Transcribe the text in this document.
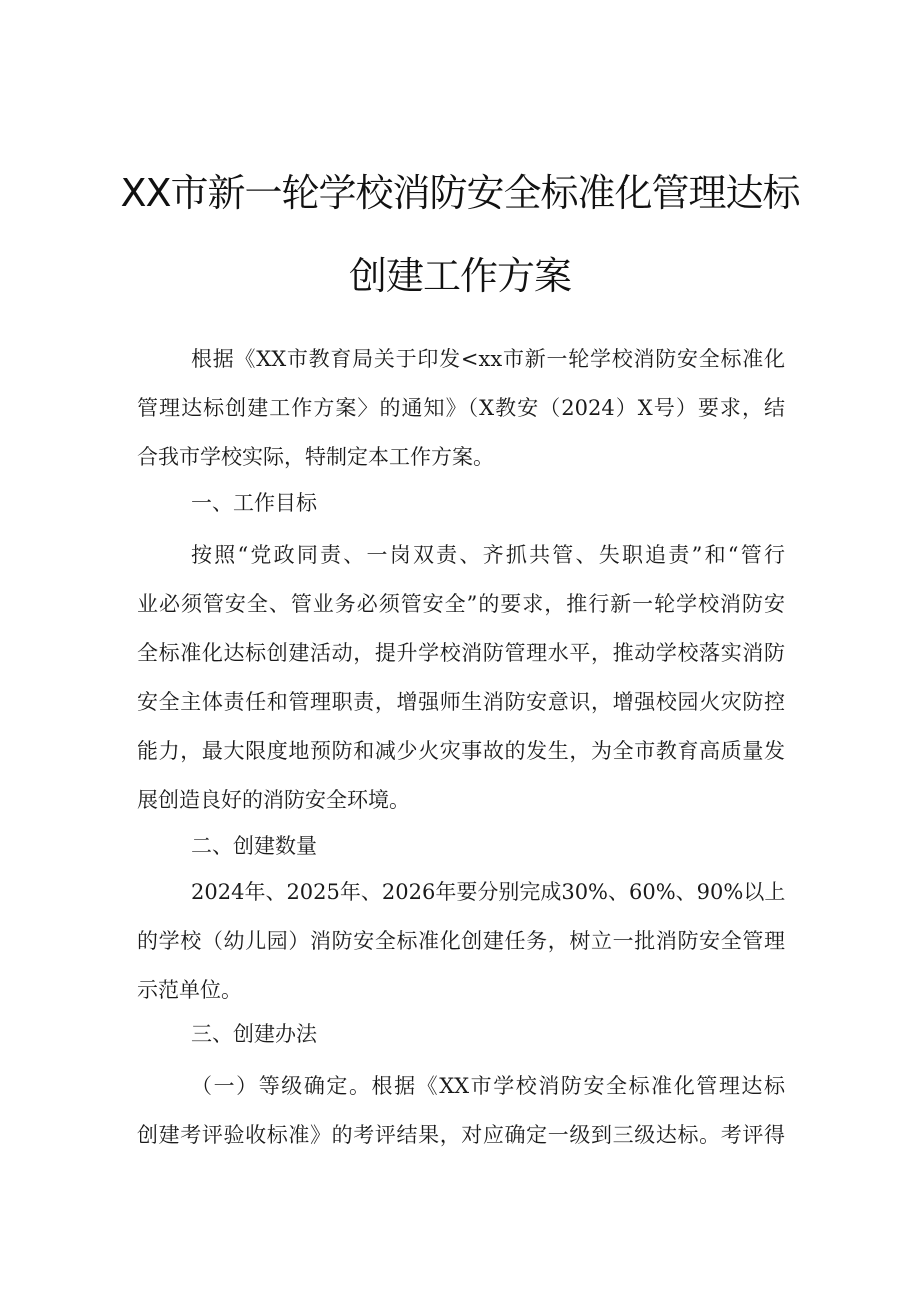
XX市新一轮学校消防安全标准化管理达标
创建工作方案
根据《XX市教育局关于印发<xx市新一轮学校消防安全标准化
管理达标创建工作方案〉的通知》（X教安（2024）X号）要求，结
合我市学校实际，特制定本工作方案。
一、工作目标
按照“党政同责、一岗双责、齐抓共管、失职追责”和“管行
业必须管安全、管业务必须管安全”的要求，推行新一轮学校消防安
全标准化达标创建活动，提升学校消防管理水平，推动学校落实消防
安全主体责任和管理职责，增强师生消防安意识，增强校园火灾防控
能力，最大限度地预防和减少火灾事故的发生，为全市教育高质量发
展创造良好的消防安全环境。
二、创建数量
2024年、2025年、2026年要分别完成30%、60%、90%以上
的学校（幼儿园）消防安全标准化创建任务，树立一批消防安全管理
示范单位。
三、创建办法
（一）等级确定。根据《XX市学校消防安全标准化管理达标
创建考评验收标准》的考评结果，对应确定一级到三级达标。考评得
